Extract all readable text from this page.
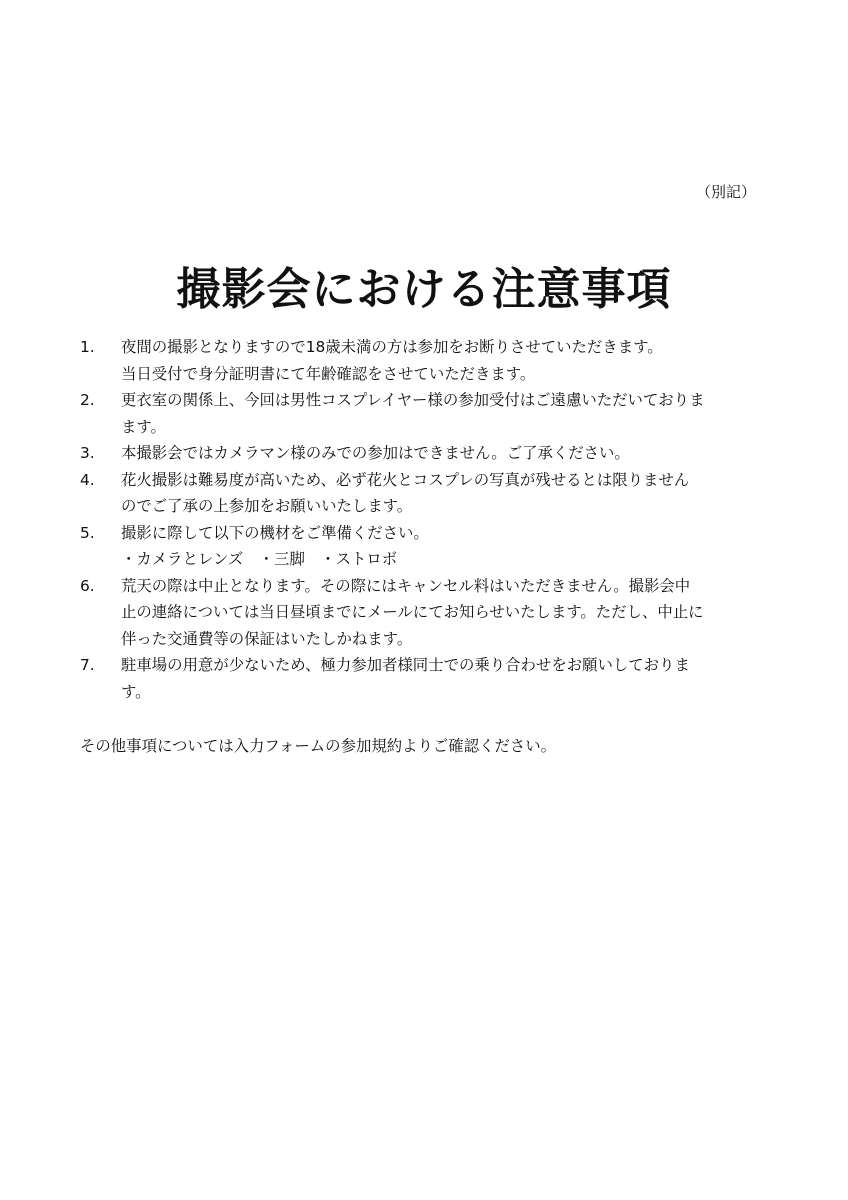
（別記）
撮影会における注意事項
1. 夜間の撮影となりますので18歳未満の方は参加をお断りさせていただきます。
当日受付で身分証明書にて年齢確認をさせていただきます。
2. 更衣室の関係上、今回は男性コスプレイヤー様の参加受付はご遠慮いただいておりま
ます。
3. 本撮影会ではカメラマン様のみでの参加はできません。ご了承ください。
4. 花火撮影は難易度が高いため、必ず花火とコスプレの写真が残せるとは限りません
のでご了承の上参加をお願いいたします。
5. 撮影に際して以下の機材をご準備ください。
・カメラとレンズ　・三脚　・ストロボ
6. 荒天の際は中止となります。その際にはキャンセル料はいただきません。撮影会中
止の連絡については当日昼頃までにメールにてお知らせいたします。ただし、中止に
伴った交通費等の保証はいたしかねます。
7. 駐車場の用意が少ないため、極力参加者様同士での乗り合わせをお願いしておりま
す。

その他事項については入力フォームの参加規約よりご確認ください。
